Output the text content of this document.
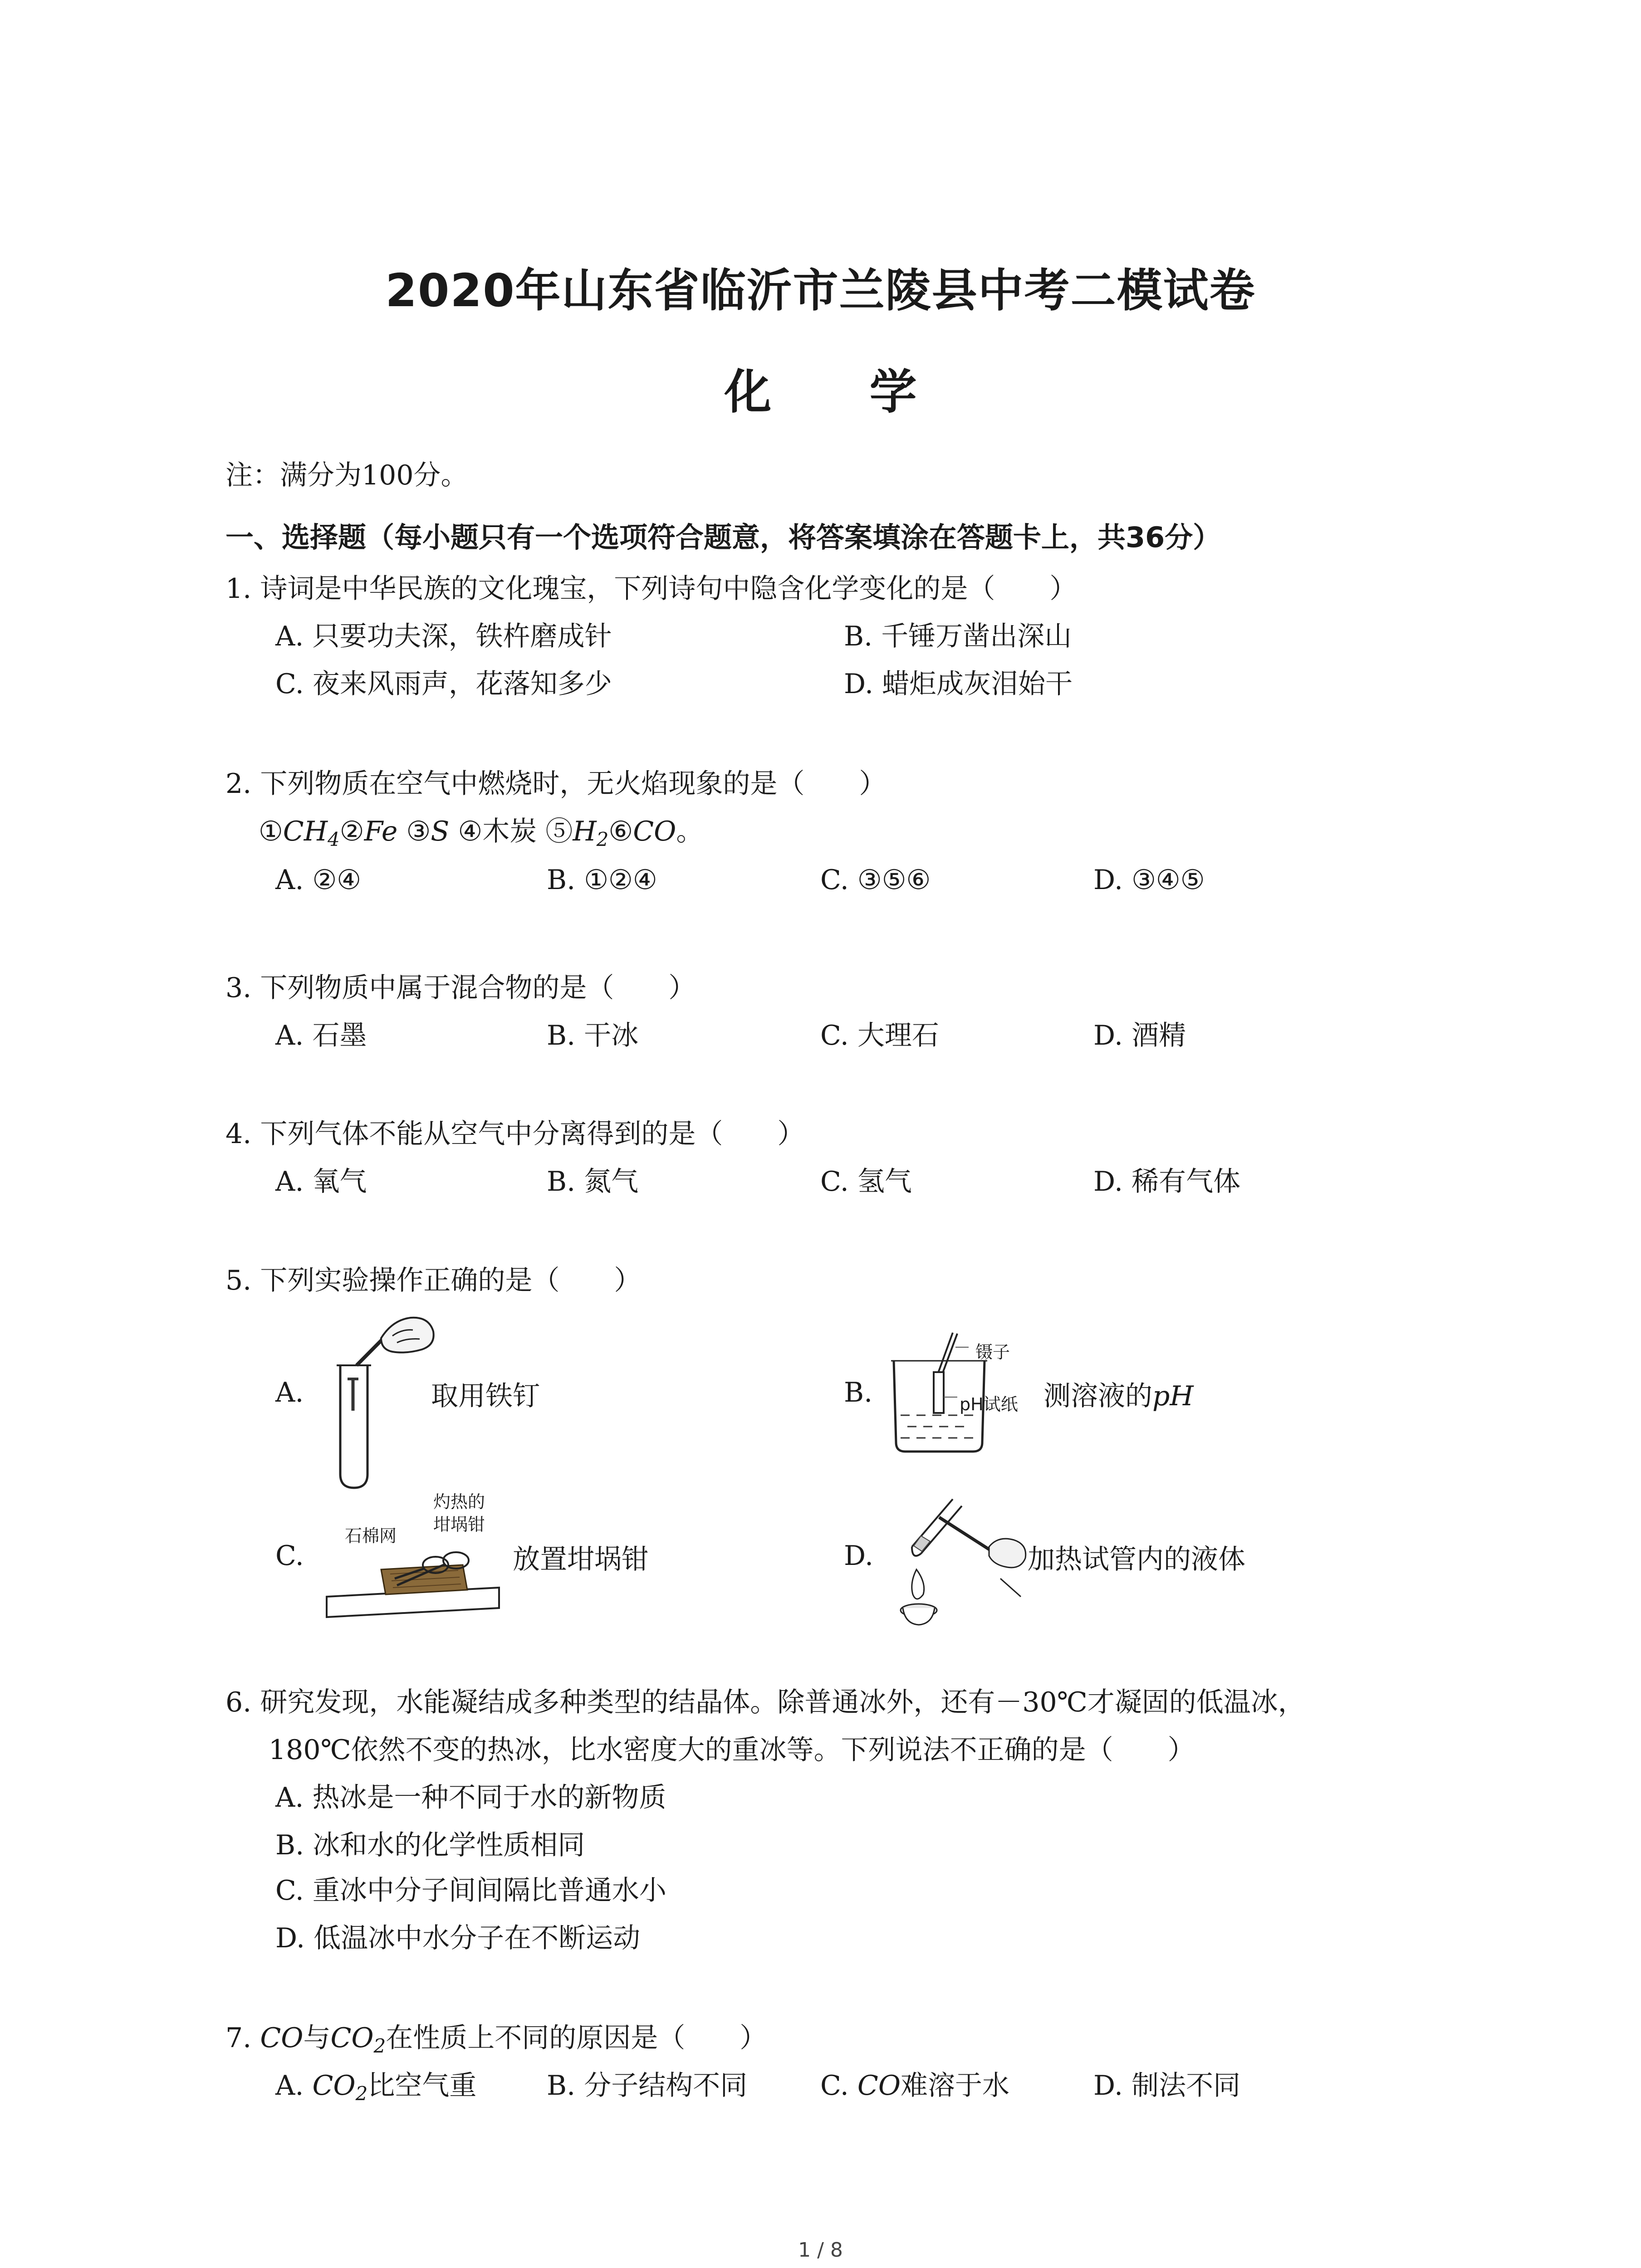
2020年山东省临沂市兰陵县中考二模试卷
化 学
注：满分为100分。
一、选择题（每小题只有一个选项符合题意，将答案填涂在答题卡上，共36分）
1. 诗词是中华民族的文化瑰宝，下列诗句中隐含化学变化的是（　　）
A. 只要功夫深，铁杵磨成针	B. 千锤万凿出深山
C. 夜来风雨声，花落知多少	D. 蜡炬成灰泪始干
2. 下列物质在空气中燃烧时，无火焰现象的是（　　）
$①CH_4②Fe$ ③S ④木炭 $⑤H_2⑥CO$。
A. ②④	B. ①②④	C. ③⑤⑥	D. ③④⑤
3. 下列物质中属于混合物的是（　　）
A. 石墨	B. 干冰	C. 大理石	D. 酒精
4. 下列气体不能从空气中分离得到的是（　　）
A. 氧气	B. 氮气	C. 氢气	D. 稀有气体
5. 下列实验操作正确的是（　　）
A.	取用铁钉	B.
镊子
pH试纸 测溶液的pH
C.
石棉网
灼热的
坩埚钳
放置坩埚钳	D.	加热试管内的液体
6. 研究发现，水能凝结成多种类型的结晶体。除普通冰外，还有－30℃才凝固的低温冰，
180℃依然不变的热冰，比水密度大的重冰等。下列说法不正确的是（　　）
A. 热冰是一种不同于水的新物质
B. 冰和水的化学性质相同
C. 重冰中分子间间隔比普通水小
D. 低温冰中水分子在不断运动
7. CO与$CO_2$在性质上不同的原因是（　　）
A. $CO_2$比空气重	B. 分子结构不同	C. CO难溶于水	D. 制法不同
1 / 8
